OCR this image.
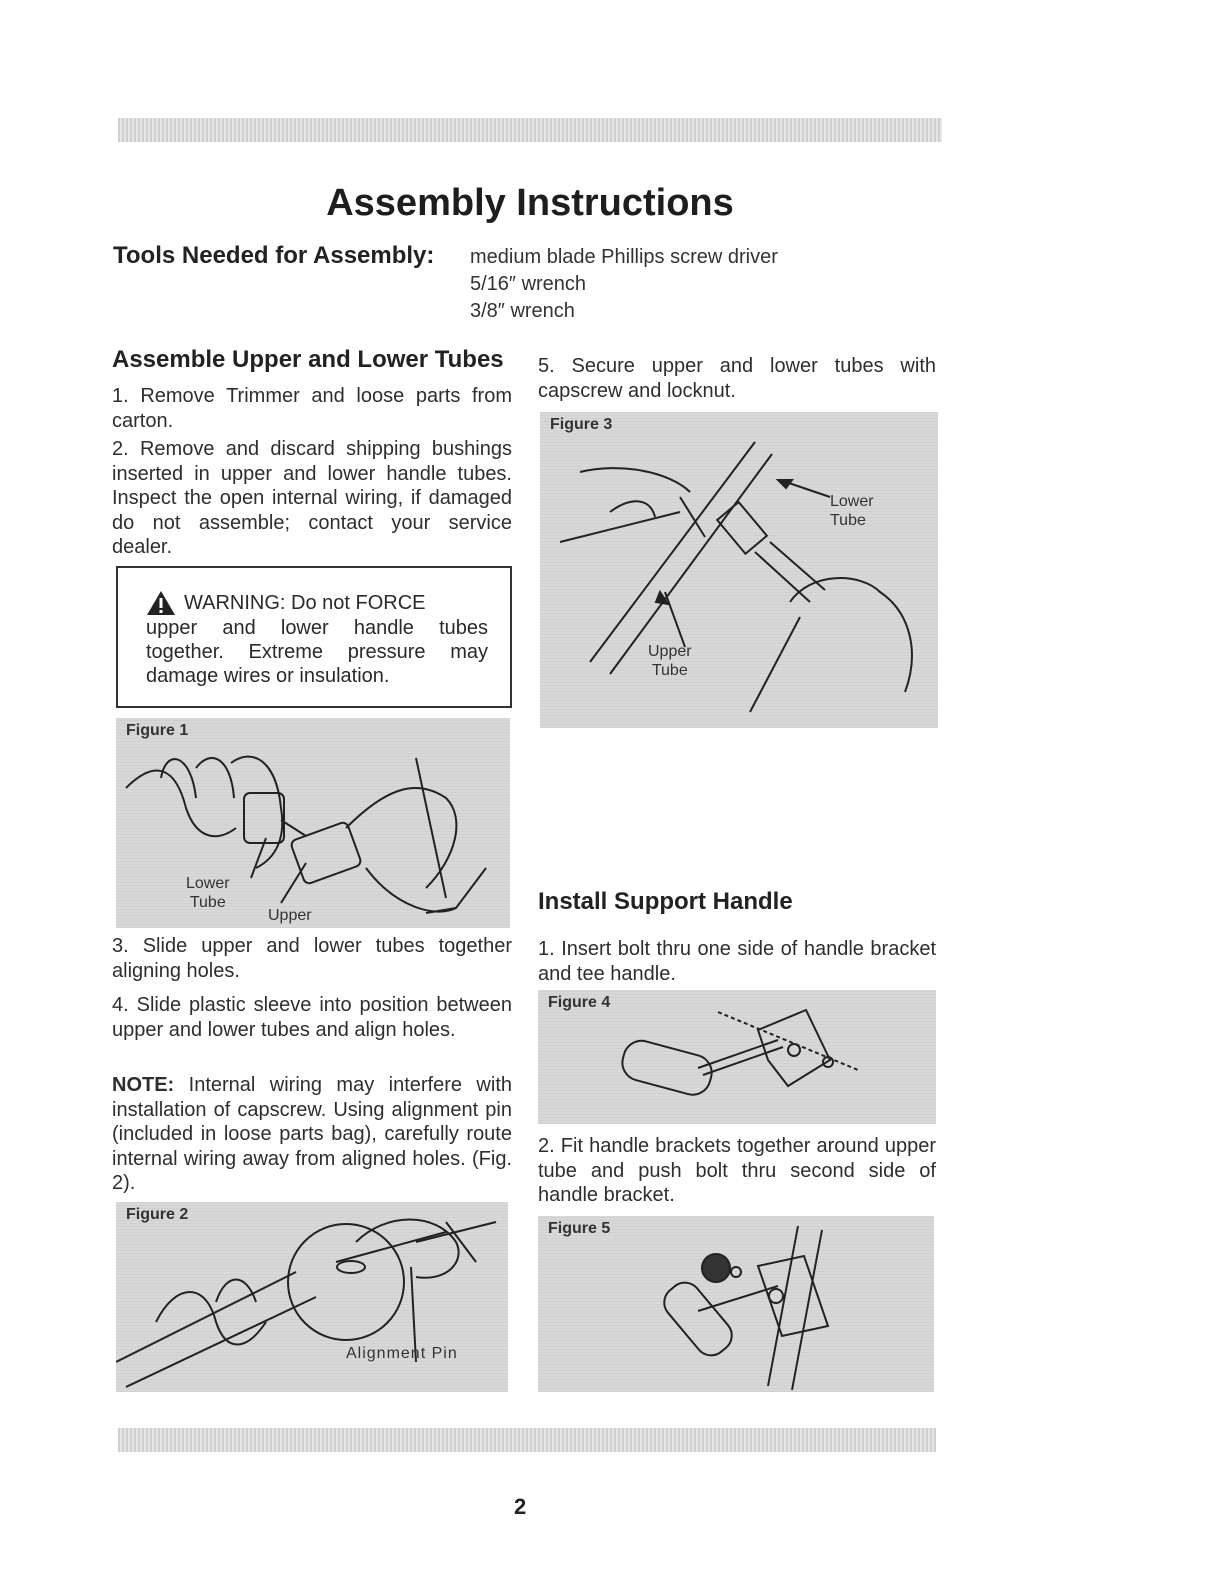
Assembly Instructions
Tools Needed for Assembly: medium blade Phillips screw driver
5/16″ wrench
3/8″ wrench
Assemble Upper and Lower Tubes

1. Remove Trimmer and loose parts from carton.

2. Remove and discard shipping bushings inserted in upper and lower handle tubes. Inspect the open internal wiring, if damaged do not assemble; contact your service dealer.

WARNING: Do not FORCE
upper and lower handle tubes together. Extreme pressure may damage wires or insulation.
Figure 1
Lower
Tube
Upper

3. Slide upper and lower tubes together aligning holes.

4. Slide plastic sleeve into position between upper and lower tubes and align holes.

NOTE: Internal wiring may interfere with installation of capscrew. Using alignment pin (included in loose parts bag), carefully route internal wiring away from aligned holes. (Fig. 2).

Figure 2
Alignment Pin

5. Secure upper and lower tubes with capscrew and locknut.

Figure 3
Lower
Tube
Upper
Tube
Install Support Handle

1. Insert bolt thru one side of handle bracket and tee handle.

Figure 4

2. Fit handle brackets together around upper tube and push bolt thru second side of handle bracket.

Figure 5
2
